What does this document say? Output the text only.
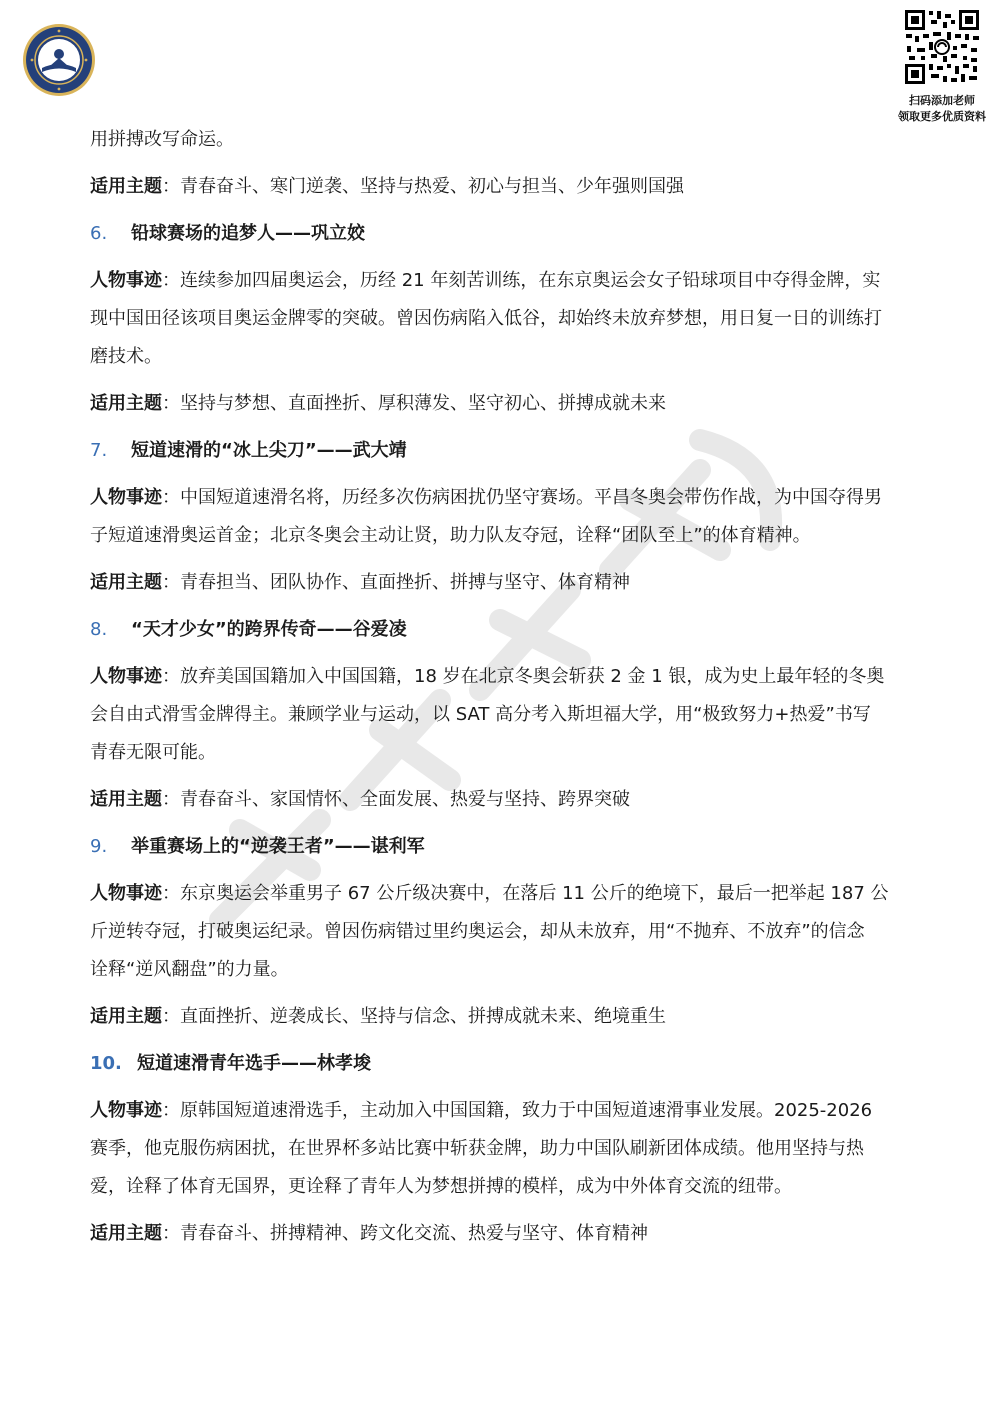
扫码添加老师
领取更多优质资料

用拼搏改写命运。

适用主题：青春奋斗、寒门逆袭、坚持与热爱、初心与担当、少年强则国强

6. 铅球赛场的追梦人——巩立姣

人物事迹：连续参加四届奥运会，历经 21 年刻苦训练，在东京奥运会女子铅球项目中夺得金牌，实
现中国田径该项目奥运金牌零的突破。曾因伤病陷入低谷，却始终未放弃梦想，用日复一日的训练打
磨技术。

适用主题：坚持与梦想、直面挫折、厚积薄发、坚守初心、拼搏成就未来

7. 短道速滑的“冰上尖刀”——武大靖

人物事迹：中国短道速滑名将，历经多次伤病困扰仍坚守赛场。平昌冬奥会带伤作战，为中国夺得男
子短道速滑奥运首金；北京冬奥会主动让贤，助力队友夺冠，诠释“团队至上”的体育精神。

适用主题：青春担当、团队协作、直面挫折、拼搏与坚守、体育精神

8. “天才少女”的跨界传奇——谷爱凌

人物事迹：放弃美国国籍加入中国国籍，18 岁在北京冬奥会斩获 2 金 1 银，成为史上最年轻的冬奥
会自由式滑雪金牌得主。兼顾学业与运动，以 SAT 高分考入斯坦福大学，用“极致努力+热爱”书写
青春无限可能。

适用主题：青春奋斗、家国情怀、全面发展、热爱与坚持、跨界突破

9. 举重赛场上的“逆袭王者”——谌利军

人物事迹：东京奥运会举重男子 67 公斤级决赛中，在落后 11 公斤的绝境下，最后一把举起 187 公
斤逆转夺冠，打破奥运纪录。曾因伤病错过里约奥运会，却从未放弃，用“不抛弃、不放弃”的信念
诠释“逆风翻盘”的力量。

适用主题：直面挫折、逆袭成长、坚持与信念、拼搏成就未来、绝境重生

10. 短道速滑青年选手——林孝埈

人物事迹：原韩国短道速滑选手，主动加入中国国籍，致力于中国短道速滑事业发展。2025-2026
赛季，他克服伤病困扰，在世界杯多站比赛中斩获金牌，助力中国队刷新团体成绩。他用坚持与热
爱，诠释了体育无国界，更诠释了青年人为梦想拼搏的模样，成为中外体育交流的纽带。

适用主题：青春奋斗、拼搏精神、跨文化交流、热爱与坚守、体育精神
